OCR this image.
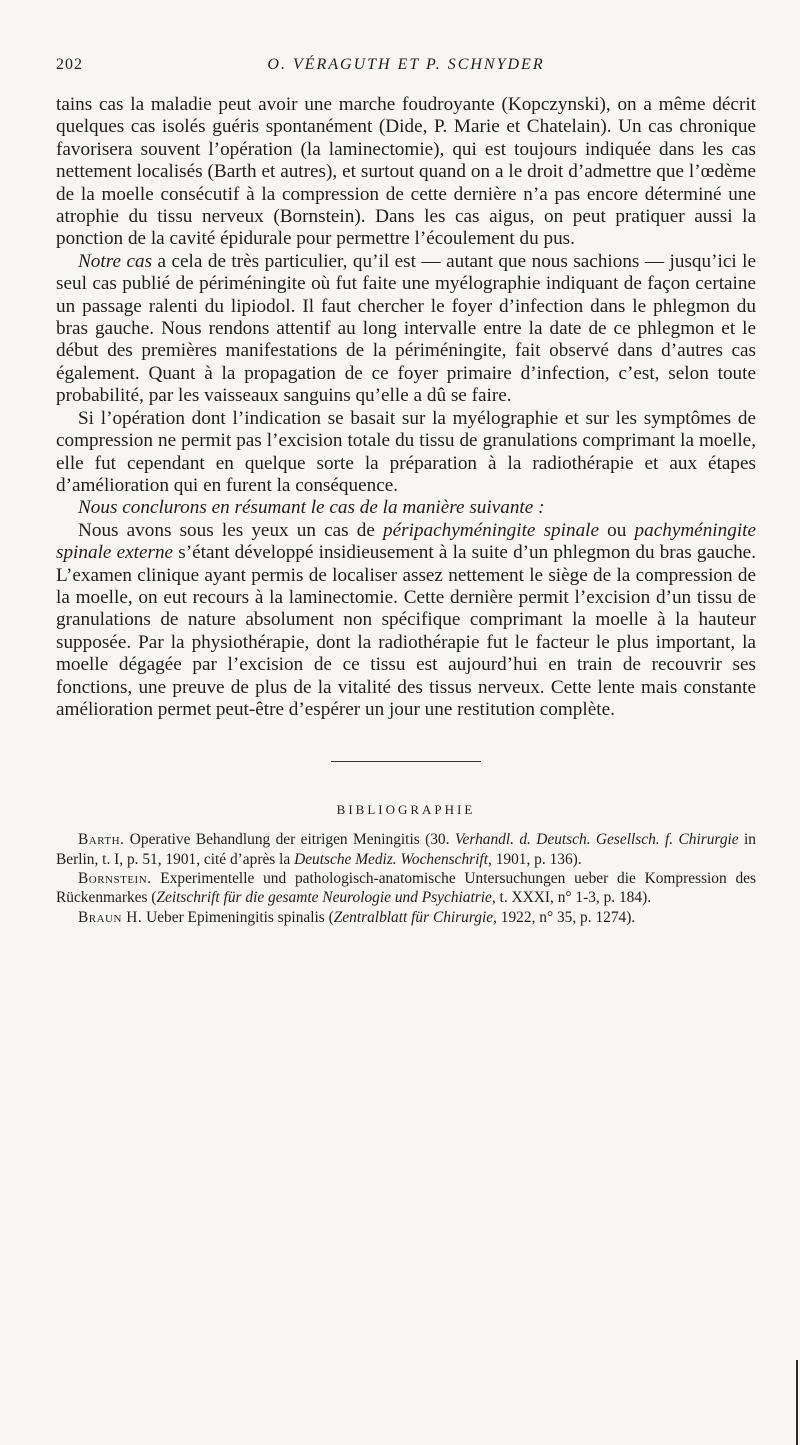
202	O. VÉRAGUTH ET P. SCHNYDER

tains cas la maladie peut avoir une marche foudroyante (Kopczynski), on a même décrit quelques cas isolés guéris spontanément (Dide, P. Marie et Chatelain). Un cas chronique favorisera souvent l’opération (la laminectomie), qui est toujours indiquée dans les cas nettement localisés (Barth et autres), et surtout quand on a le droit d’admettre que l’œdème de la moelle consécutif à la compression de cette dernière n’a pas encore déterminé une atrophie du tissu nerveux (Bornstein). Dans les cas aigus, on peut pratiquer aussi la ponction de la cavité épidurale pour permettre l’écoulement du pus.

Notre cas a cela de très particulier, qu’il est — autant que nous sachions — jusqu’ici le seul cas publié de périméningite où fut faite une myélographie indiquant de façon certaine un passage ralenti du lipiodol. Il faut chercher le foyer d’infection dans le phlegmon du bras gauche. Nous rendons attentif au long intervalle entre la date de ce phlegmon et le début des premières manifestations de la périméningite, fait observé dans d’autres cas également. Quant à la propagation de ce foyer primaire d’infection, c’est, selon toute probabilité, par les vaisseaux sanguins qu’elle a dû se faire.

Si l’opération dont l’indication se basait sur la myélographie et sur les symptômes de compression ne permit pas l’excision totale du tissu de granulations comprimant la moelle, elle fut cependant en quelque sorte la préparation à la radiothérapie et aux étapes d’amélioration qui en furent la conséquence.

Nous conclurons en résumant le cas de la manière suivante :

Nous avons sous les yeux un cas de péripachyméningite spinale ou pachyméningite spinale externe s’étant développé insidieusement à la suite d’un phlegmon du bras gauche. L’examen clinique ayant permis de localiser assez nettement le siège de la compression de la moelle, on eut recours à la laminectomie. Cette dernière permit l’excision d’un tissu de granulations de nature absolument non spécifique comprimant la moelle à la hauteur supposée. Par la physiothérapie, dont la radiothérapie fut le facteur le plus important, la moelle dégagée par l’excision de ce tissu est aujourd’hui en train de recouvrir ses fonctions, une preuve de plus de la vitalité des tissus nerveux. Cette lente mais constante amélioration permet peut-être d’espérer un jour une restitution complète.

BIBLIOGRAPHIE

Barth. Operative Behandlung der eitrigen Meningitis (30. Verhandl. d. Deutsch. Gesellsch. f. Chirurgie in Berlin, t. I, p. 51, 1901, cité d’après la Deutsche Mediz. Wochenschrift, 1901, p. 136).

Bornstein. Experimentelle und pathologisch-anatomische Untersuchungen ueber die Kompression des Rückenmarkes (Zeitschrift für die gesamte Neurologie und Psychiatrie, t. XXXI, n° 1-3, p. 184).

Braun H. Ueber Epimeningitis spinalis (Zentralblatt für Chirurgie, 1922, n° 35, p. 1274).
